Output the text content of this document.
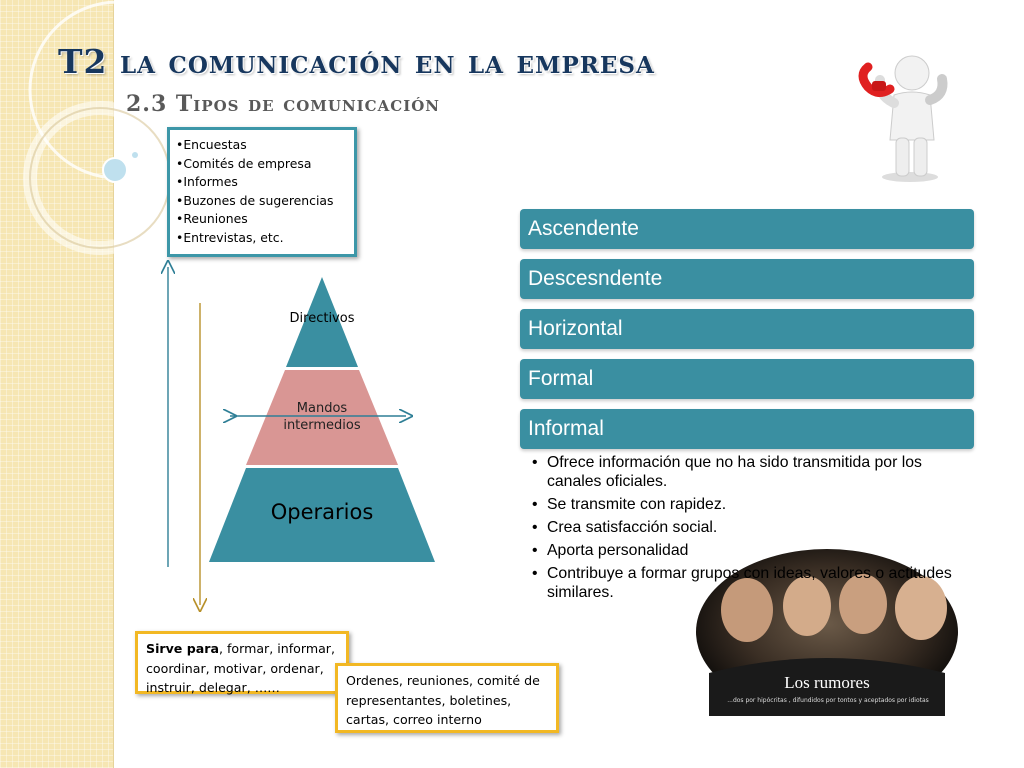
T2 la comunicación en la empresa
2.3 Tipos de comunicación
• Encuestas
• Comités de empresa
• Informes
• Buzones de sugerencias
• Reuniones
• Entrevistas, etc.
Directivos
Mandos intermedios
Operarios
Ascendente
Descesndente
Horizontal
Formal
Informal
• Ofrece información que no ha sido transmitida por los canales oficiales.
• Se transmite con rapidez.
• Crea satisfacción social.
• Aporta personalidad
• Contribuye a formar grupos con ideas, valores o actitudes similares.
Los rumores
...dos por hipócritas , difundidos por tontos y aceptados por idiotas
Sirve para, formar, informar, coordinar, motivar, ordenar, instruir, delegar, ……	Ordenes, reuniones, comité de representantes, boletines, cartas, correo interno
